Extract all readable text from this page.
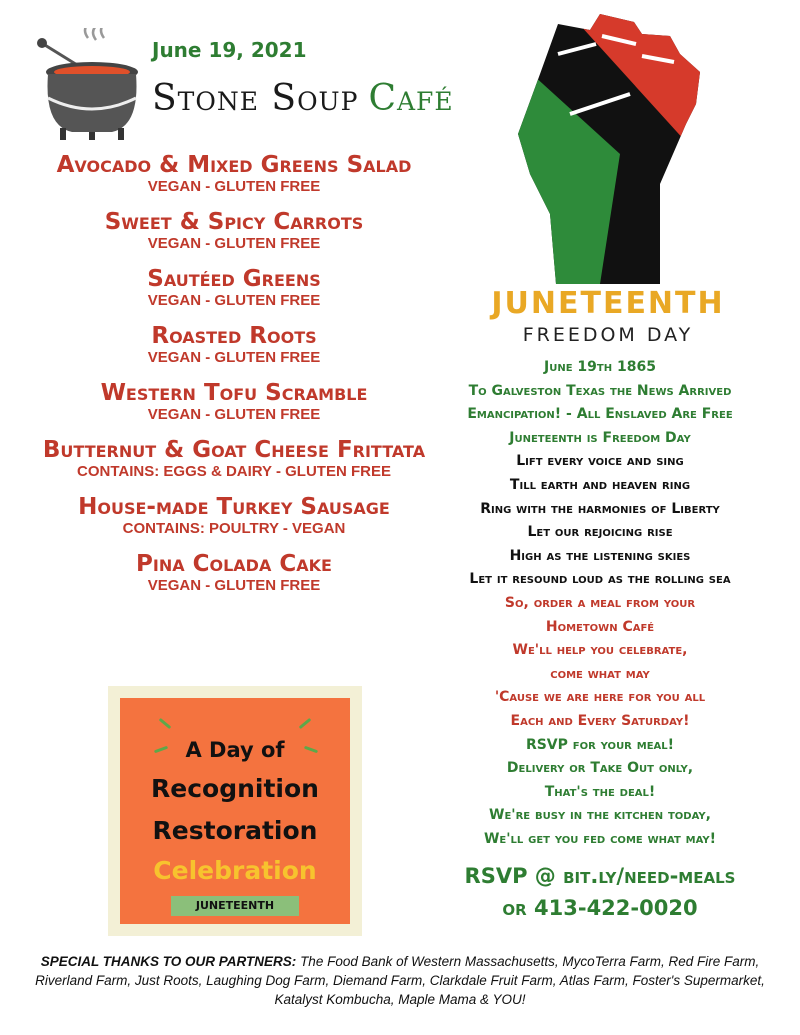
June 19, 2021
Stone Soup Café
Avocado & Mixed Greens Salad
VEGAN - GLUTEN FREE
Sweet & Spicy Carrots
VEGAN - GLUTEN FREE
Sautéed Greens
VEGAN - GLUTEN FREE
Roasted Roots
VEGAN - GLUTEN FREE
Western Tofu Scramble
VEGAN - GLUTEN FREE
Butternut & Goat Cheese Frittata
CONTAINS: EGGS & DAIRY - GLUTEN FREE
House-made Turkey Sausage
CONTAINS: POULTRY - VEGAN
Pina Colada Cake
VEGAN - GLUTEN FREE
JUNETEENTH
FREEDOM DAY
June 19th 1865
To Galveston Texas the News Arrived
Emancipation! - All Enslaved Are Free
Juneteenth is Freedom Day
Lift every voice and sing
Till earth and heaven ring
Ring with the harmonies of Liberty
Let our rejoicing rise
High as the listening skies
Let it resound loud as the rolling sea
So, order a meal from your
Hometown Café
We'll help you celebrate,
come what may
'Cause we are here for you all
Each and Every Saturday!
RSVP for your meal!
Delivery or Take Out only,
That's the deal!
We're busy in the kitchen today,
We'll get you fed come what may!
RSVP @ bit.ly/need-meals
or 413-422-0020
A Day of
Recognition
Restoration
Celebration
JUNETEENTH
SPECIAL THANKS TO OUR PARTNERS: The Food Bank of Western Massachusetts, MycoTerra Farm, Red Fire Farm, Riverland Farm, Just Roots, Laughing Dog Farm, Diemand Farm, Clarkdale Fruit Farm, Atlas Farm, Foster's Supermarket, Katalyst Kombucha, Maple Mama & YOU!
